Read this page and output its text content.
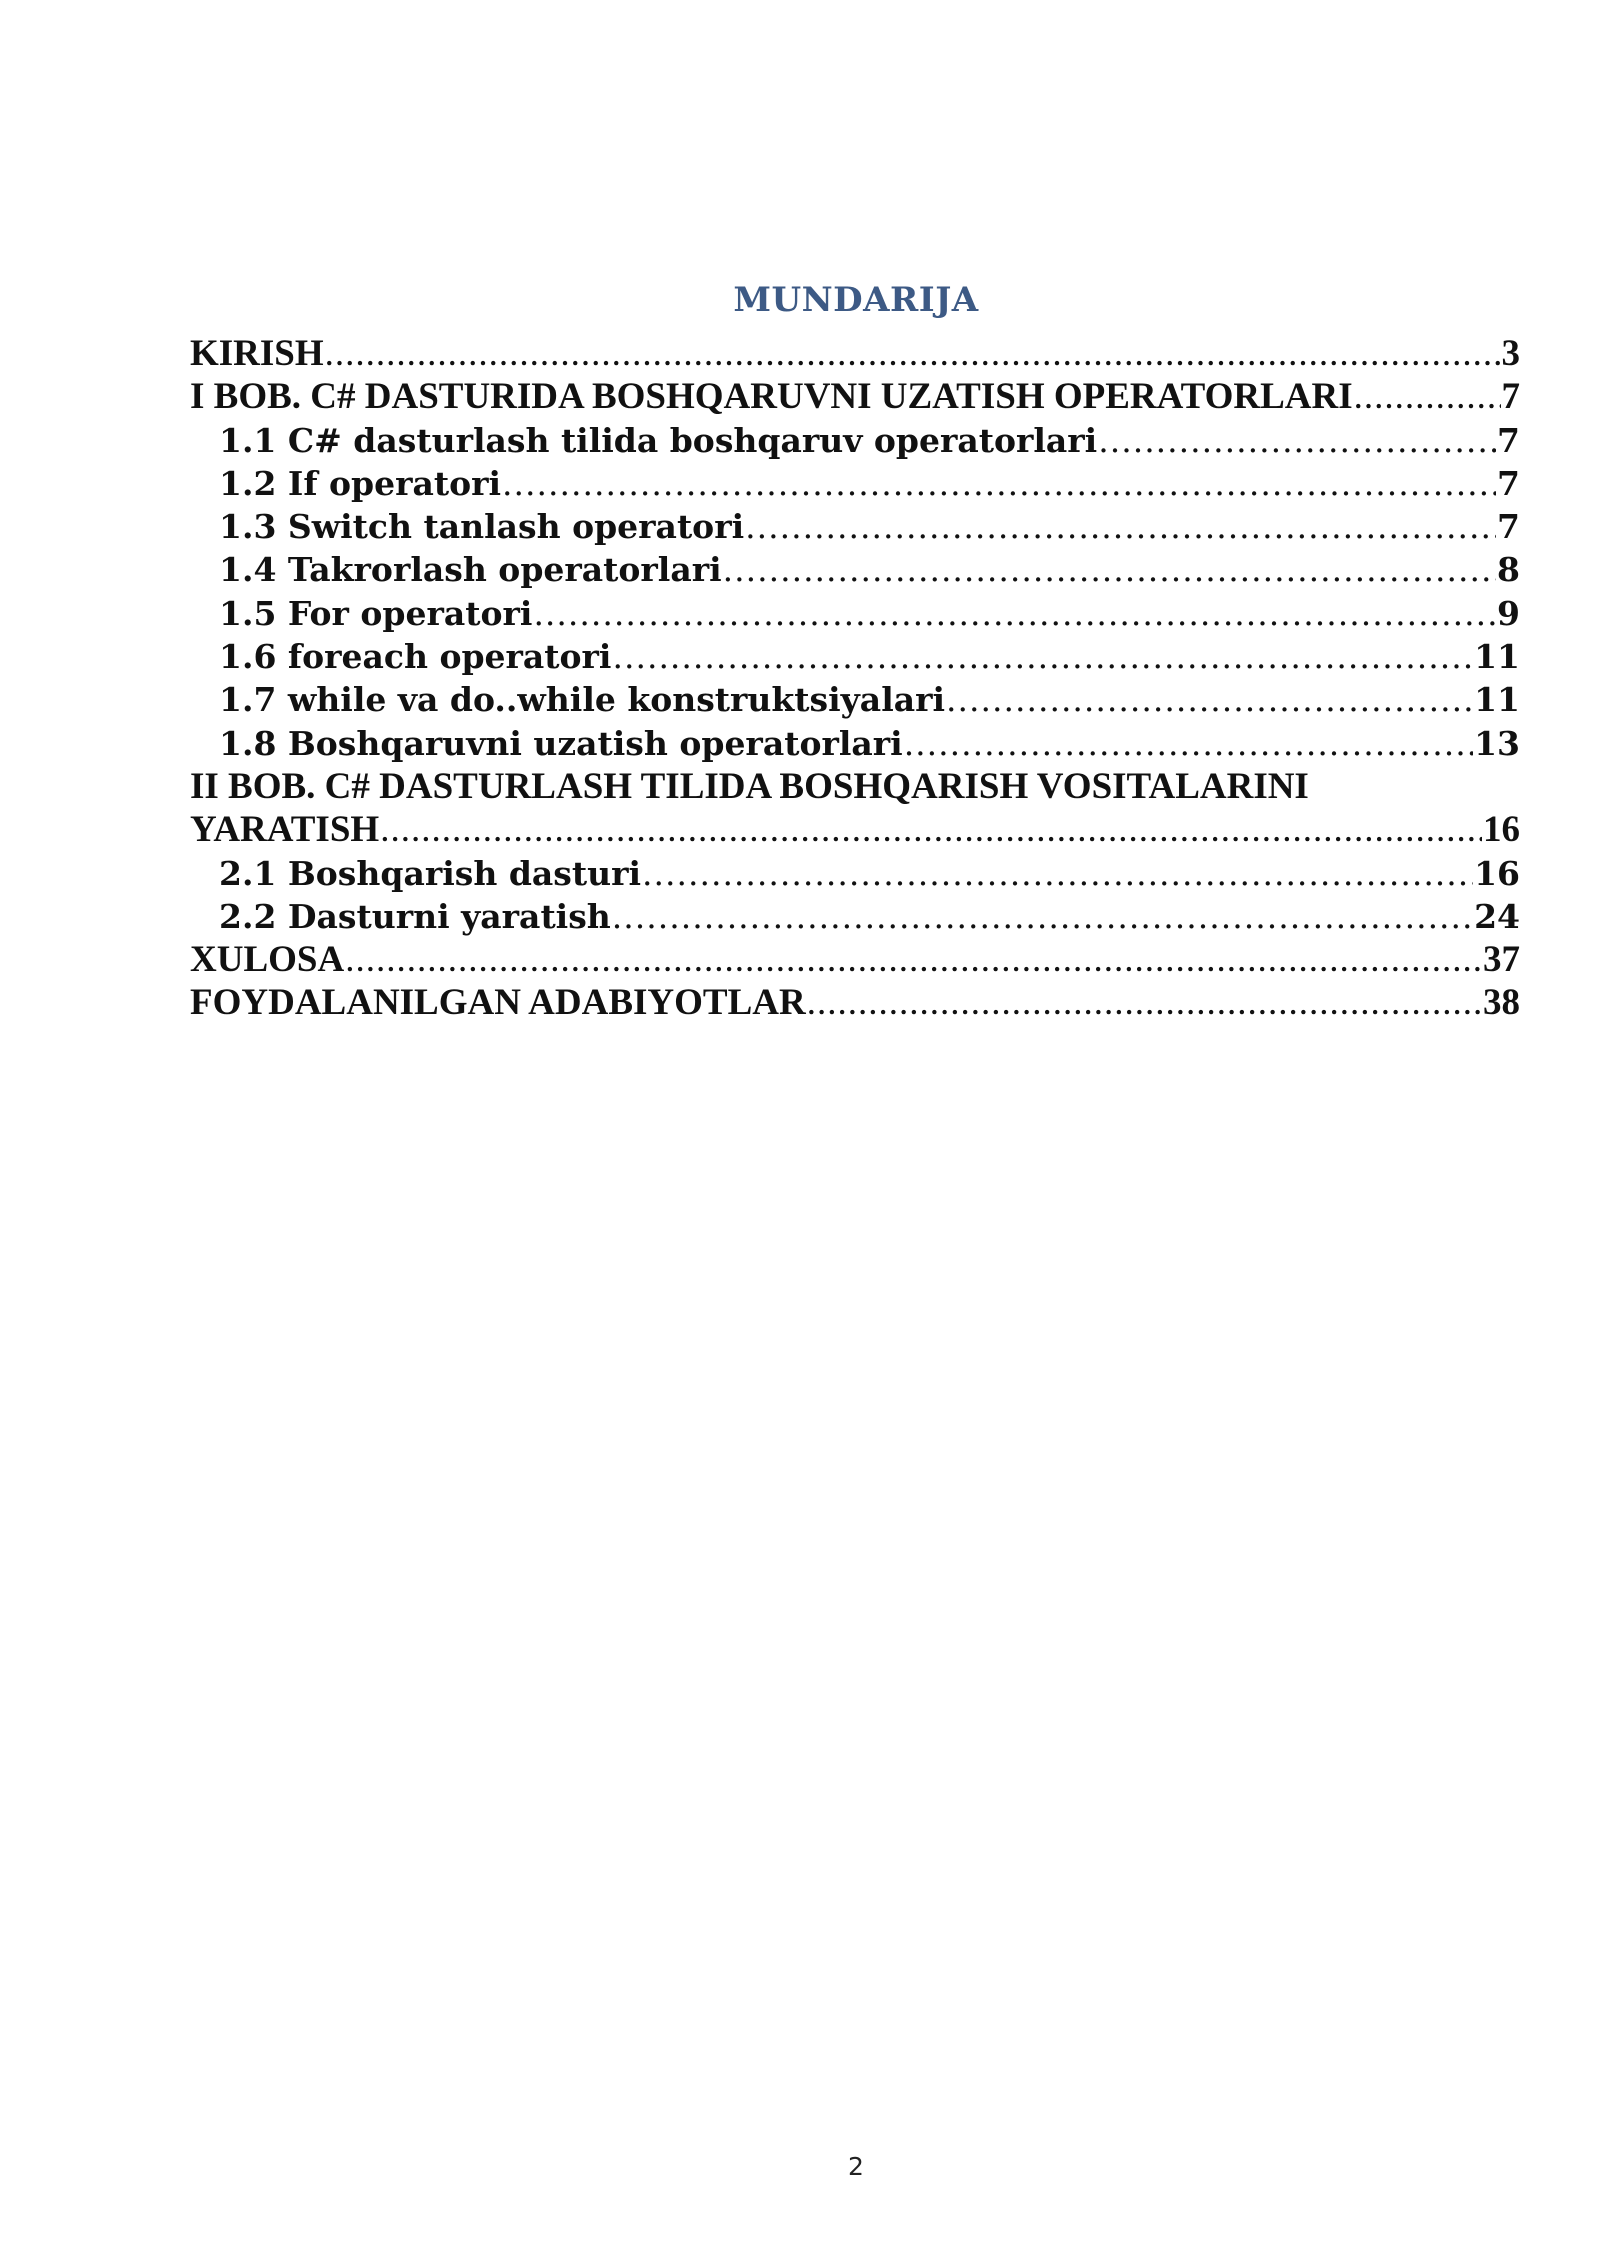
MUNDARIJA
KIRISH .....	3
I BOB. C# DASTURIDA BOSHQARUVNI UZATISH OPERATORLARI .....	7
1.1 C# dasturlash tilida boshqaruv operatorlari .....	7
1.2 If operatori .....	7
1.3 Switch tanlash operatori .....	7
1.4 Takrorlash operatorlari .....	8
1.5 For operatori .....	9
1.6 foreach operatori .....	11
1.7 while va do..while konstruktsiyalari .....	11
1.8 Boshqaruvni uzatish operatorlari .....	13
II BOB. C# DASTURLASH TILIDA BOSHQARISH VOSITALARINI
YARATISH .....	16
2.1 Boshqarish dasturi .....	16
2.2 Dasturni yaratish .....	24
XULOSA .....	37
FOYDALANILGAN ADABIYOTLAR .....	38
2
